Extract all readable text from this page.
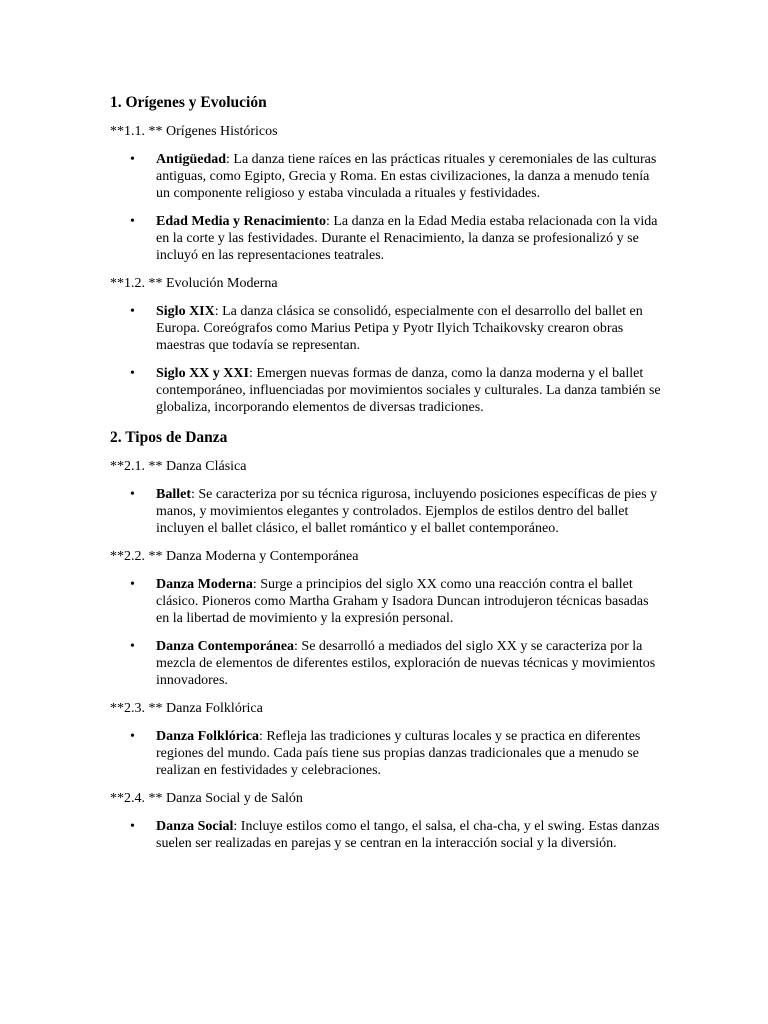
1. Orígenes y Evolución
**1.1. ** Orígenes Históricos
• Antigüedad: La danza tiene raíces en las prácticas rituales y ceremoniales de las culturas antiguas, como Egipto, Grecia y Roma. En estas civilizaciones, la danza a menudo tenía un componente religioso y estaba vinculada a rituales y festividades.
• Edad Media y Renacimiento: La danza en la Edad Media estaba relacionada con la vida en la corte y las festividades. Durante el Renacimiento, la danza se profesionalizó y se incluyó en las representaciones teatrales.
**1.2. ** Evolución Moderna
• Siglo XIX: La danza clásica se consolidó, especialmente con el desarrollo del ballet en Europa. Coreógrafos como Marius Petipa y Pyotr Ilyich Tchaikovsky crearon obras maestras que todavía se representan.
• Siglo XX y XXI: Emergen nuevas formas de danza, como la danza moderna y el ballet contemporáneo, influenciadas por movimientos sociales y culturales. La danza también se globaliza, incorporando elementos de diversas tradiciones.
2. Tipos de Danza
**2.1. ** Danza Clásica
• Ballet: Se caracteriza por su técnica rigurosa, incluyendo posiciones específicas de pies y manos, y movimientos elegantes y controlados. Ejemplos de estilos dentro del ballet incluyen el ballet clásico, el ballet romántico y el ballet contemporáneo.
**2.2. ** Danza Moderna y Contemporánea
• Danza Moderna: Surge a principios del siglo XX como una reacción contra el ballet clásico. Pioneros como Martha Graham y Isadora Duncan introdujeron técnicas basadas en la libertad de movimiento y la expresión personal.
• Danza Contemporánea: Se desarrolló a mediados del siglo XX y se caracteriza por la mezcla de elementos de diferentes estilos, exploración de nuevas técnicas y movimientos innovadores.
**2.3. ** Danza Folklórica
• Danza Folklórica: Refleja las tradiciones y culturas locales y se practica en diferentes regiones del mundo. Cada país tiene sus propias danzas tradicionales que a menudo se realizan en festividades y celebraciones.
**2.4. ** Danza Social y de Salón
• Danza Social: Incluye estilos como el tango, el salsa, el cha-cha, y el swing. Estas danzas suelen ser realizadas en parejas y se centran en la interacción social y la diversión.
